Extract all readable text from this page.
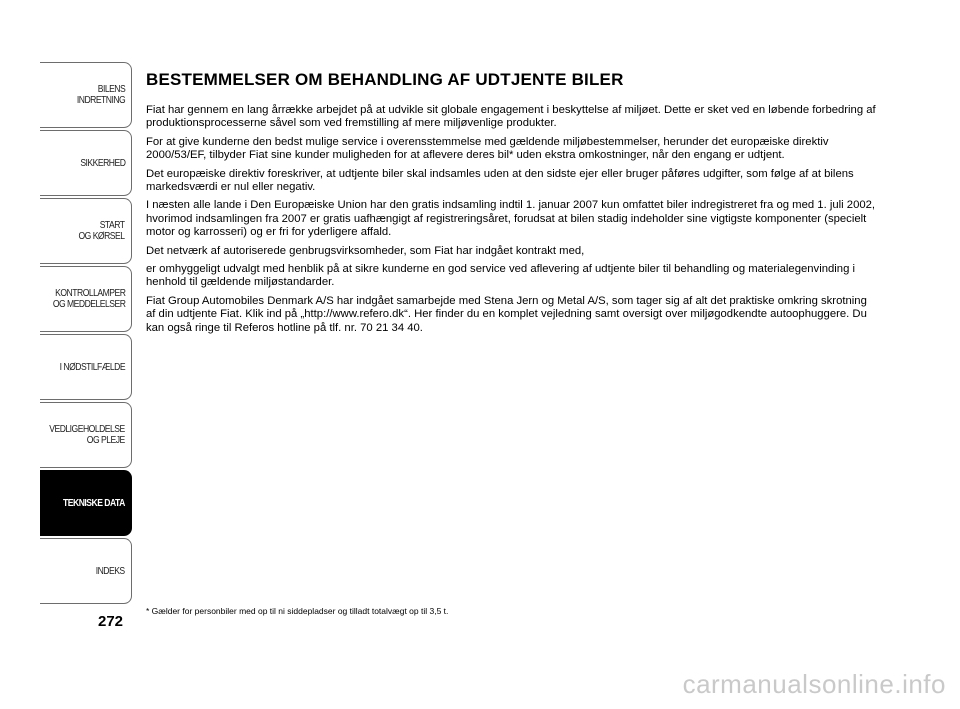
BILENS
INDRETNING
SIKKERHED
START
OG KØRSEL
KONTROLLAMPER
OG MEDDELELSER
I NØDSTILFÆLDE
VEDLIGEHOLDELSE
OG PLEJE
TEKNISKE DATA
INDEKS
272
BESTEMMELSER OM BEHANDLING AF UDTJENTE BILER

Fiat har gennem en lang årrække arbejdet på at udvikle sit globale engagement i beskyttelse af miljøet. Dette er sket ved en løbende forbedring af produktionsprocesserne såvel som ved fremstilling af mere miljøvenlige produkter.

For at give kunderne den bedst mulige service i overensstemmelse med gældende miljøbestemmelser, herunder det europæiske direktiv 2000/53/EF, tilbyder Fiat sine kunder muligheden for at aflevere deres bil* uden ekstra omkostninger, når den engang er udtjent.

Det europæiske direktiv foreskriver, at udtjente biler skal indsamles uden at den sidste ejer eller bruger påføres udgifter, som følge af at bilens markedsværdi er nul eller negativ.

I næsten alle lande i Den Europæiske Union har den gratis indsamling indtil 1. januar 2007 kun omfattet biler indregistreret fra og med 1. juli 2002, hvorimod indsamlingen fra 2007 er gratis uafhængigt af registreringsåret, forudsat at bilen stadig indeholder sine vigtigste komponenter (specielt motor og karrosseri) og er fri for yderligere affald.

Det netværk af autoriserede genbrugsvirksomheder, som Fiat har indgået kontrakt med,

er omhyggeligt udvalgt med henblik på at sikre kunderne en god service ved aflevering af udtjente biler til behandling og materialegenvinding i henhold til gældende miljøstandarder.

Fiat Group Automobiles Denmark A/S har indgået samarbejde med Stena Jern og Metal A/S, som tager sig af alt det praktiske omkring skrotning af din udtjente Fiat. Klik ind på „http://www.refero.dk“. Her finder du en komplet vejledning samt oversigt over miljøgodkendte autoophuggere. Du kan også ringe til Referos hotline på tlf. nr. 70 21 34 40.

* Gælder for personbiler med op til ni siddepladser og tilladt totalvægt op til 3,5 t.
carmanualsonline.info
